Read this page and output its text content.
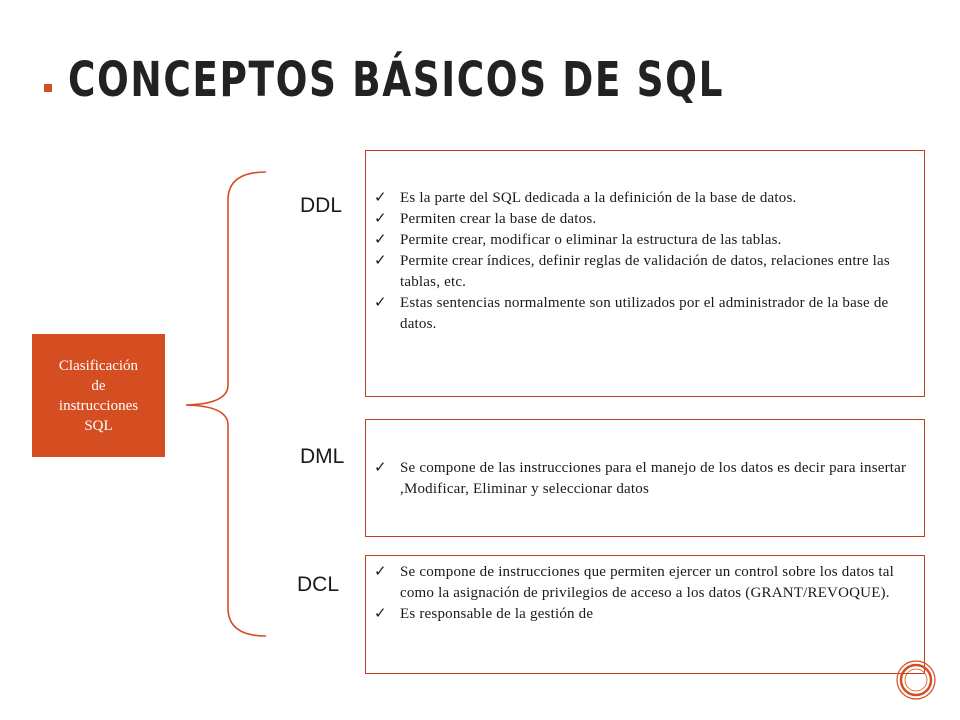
CONCEPTOS BÁSICOS DE SQL
Clasificación
de
instrucciones
SQL
DDL
DML
DCL
✓ Es la parte del SQL dedicada a la definición de la base de datos.
✓ Permiten crear la base de datos.
✓ Permite crear, modificar o eliminar la estructura de las tablas.
✓ Permite crear índices, definir reglas de validación de datos, relaciones entre las tablas, etc.
✓ Estas sentencias normalmente son utilizados por el administrador de la base de datos.
✓ Se compone de las instrucciones para el manejo de los datos es decir para insertar ,Modificar, Eliminar y seleccionar datos
✓ Se compone de instrucciones que permiten ejercer un control sobre los datos tal como la asignación de privilegios de acceso a los datos (GRANT/REVOQUE).
✓ Es responsable de la gestión de
